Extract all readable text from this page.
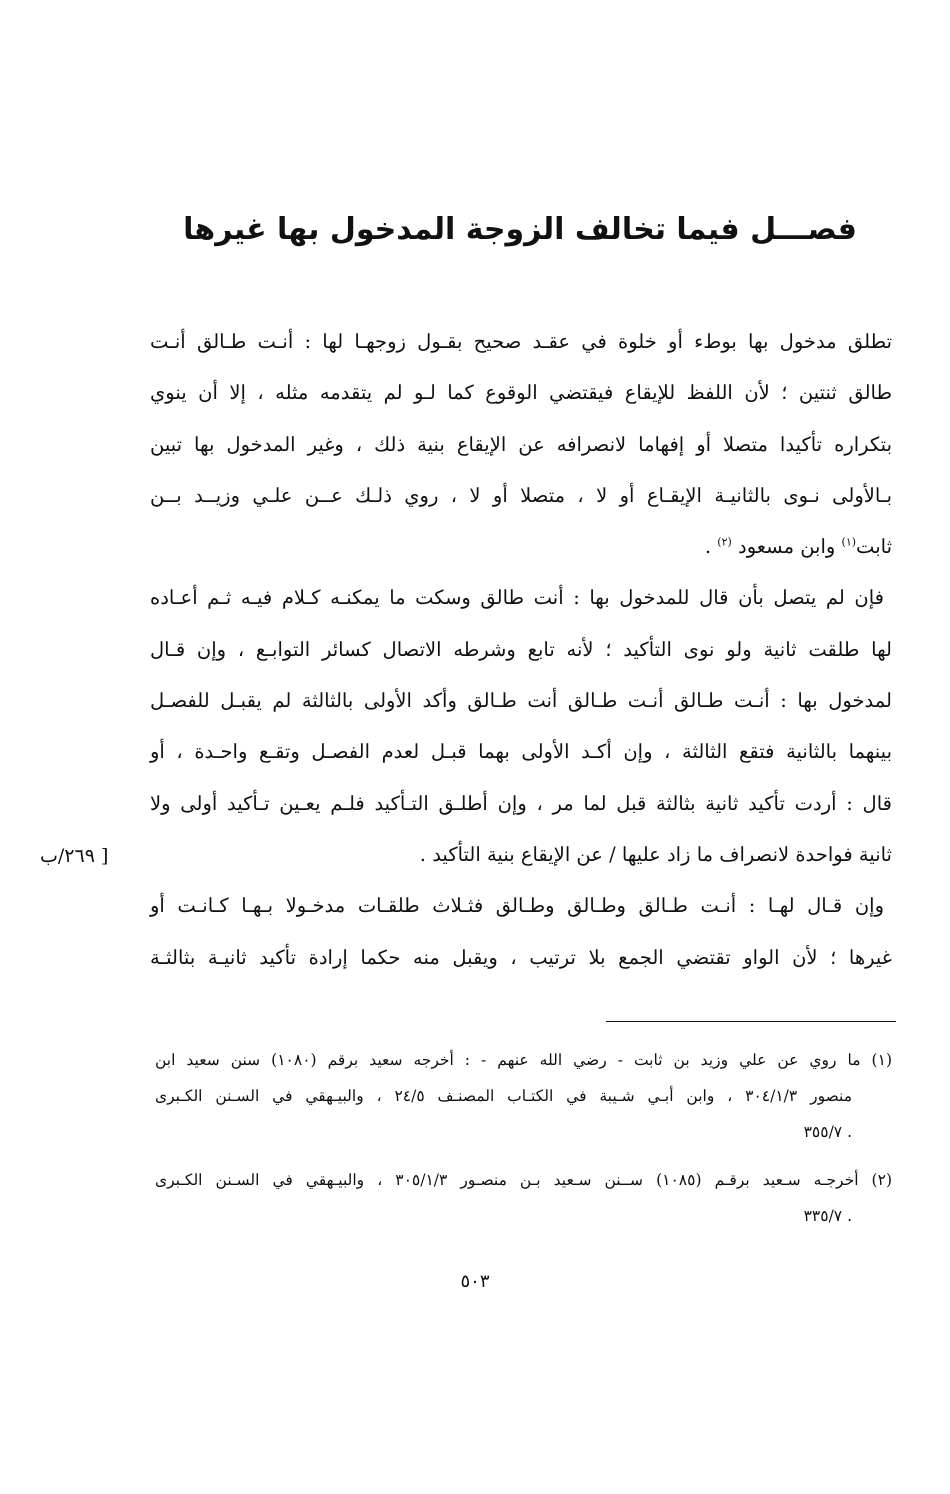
فصـــل فيما تخالف الزوجة المدخول بها غيرها
تطلق مدخول بها بوطء أو خلوة في عقـد صحيح بقـول زوجهـا لها : أنـت طـالق أنـت
طالق ثنتين ؛ لأن اللفظ للإيقاع فيقتضي الوقوع كما لـو لم يتقدمه مثله ، إلا أن ينوي
بتكراره تأكيدا متصلا أو إفهاما لانصرافه عن الإيقاع بنية ذلك ، وغير المدخول بها تبين
بـالأولى نـوى بالثانيـة الإيقـاع أو لا ، متصلا أو لا ، روي ذلـك عــن علـي وزيــد بــن
ثابت$^{(١)}$ وابن مسعود $^{(٢)}$ .
فإن لم يتصل بأن قال للمدخول بها : أنت طالق وسكت ما يمكنـه كـلام فيـه ثـم أعـاده
لها طلقت ثانية ولو نوى التأكيد ؛ لأنه تابع وشرطه الاتصال كسائر التوابـع ، وإن قـال
لمدخول بها : أنـت طـالق أنـت طـالق أنت طـالق وأكد الأولى بالثالثة لم يقبـل للفصـل
بينهما بالثانية فتقع الثالثة ، وإن أكـد الأولى بهما قبـل لعدم الفصـل وتقـع واحـدة ، أو
قال : أردت تأكيد ثانية بثالثة قبل لما مر ، وإن أطلـق التـأكيد فلـم يعـين تـأكيد أولى ولا
ثانية فواحدة لانصراف ما زاد عليها / عن الإيقاع بنية التأكيد .
وإن قـال لهـا : أنـت طـالق وطـالق وطـالق فثـلاث طلقـات مدخـولا بـهـا كـانـت أو
غيرها ؛ لأن الواو تقتضي الجمع بلا ترتيب ، ويقبل منه حكما إرادة تأكيد ثانيـة بثالثـة
[ ٢٦٩/ب
(١) ما روي عن علي وزيد بن ثابت - رضي الله عنهم - : أخرجه سعيد برقم (١٠٨٠) سنن سعيد ابن
منصور ٣٠٤/١/٣ ، وابن أبـي شـيبة في الكتـاب المصنـف ٢٤/٥ ، والبيـهقي في السـنن الكـبرى
. ٣٥٥/٧
(٢) أخرجـه سـعيد برقـم (١٠٨٥) ســنن سـعيد بـن منصـور ٣٠٥/١/٣ ، والبيـهقي في السـنن الكـبرى
. ٣٣٥/٧
٥٠٣
